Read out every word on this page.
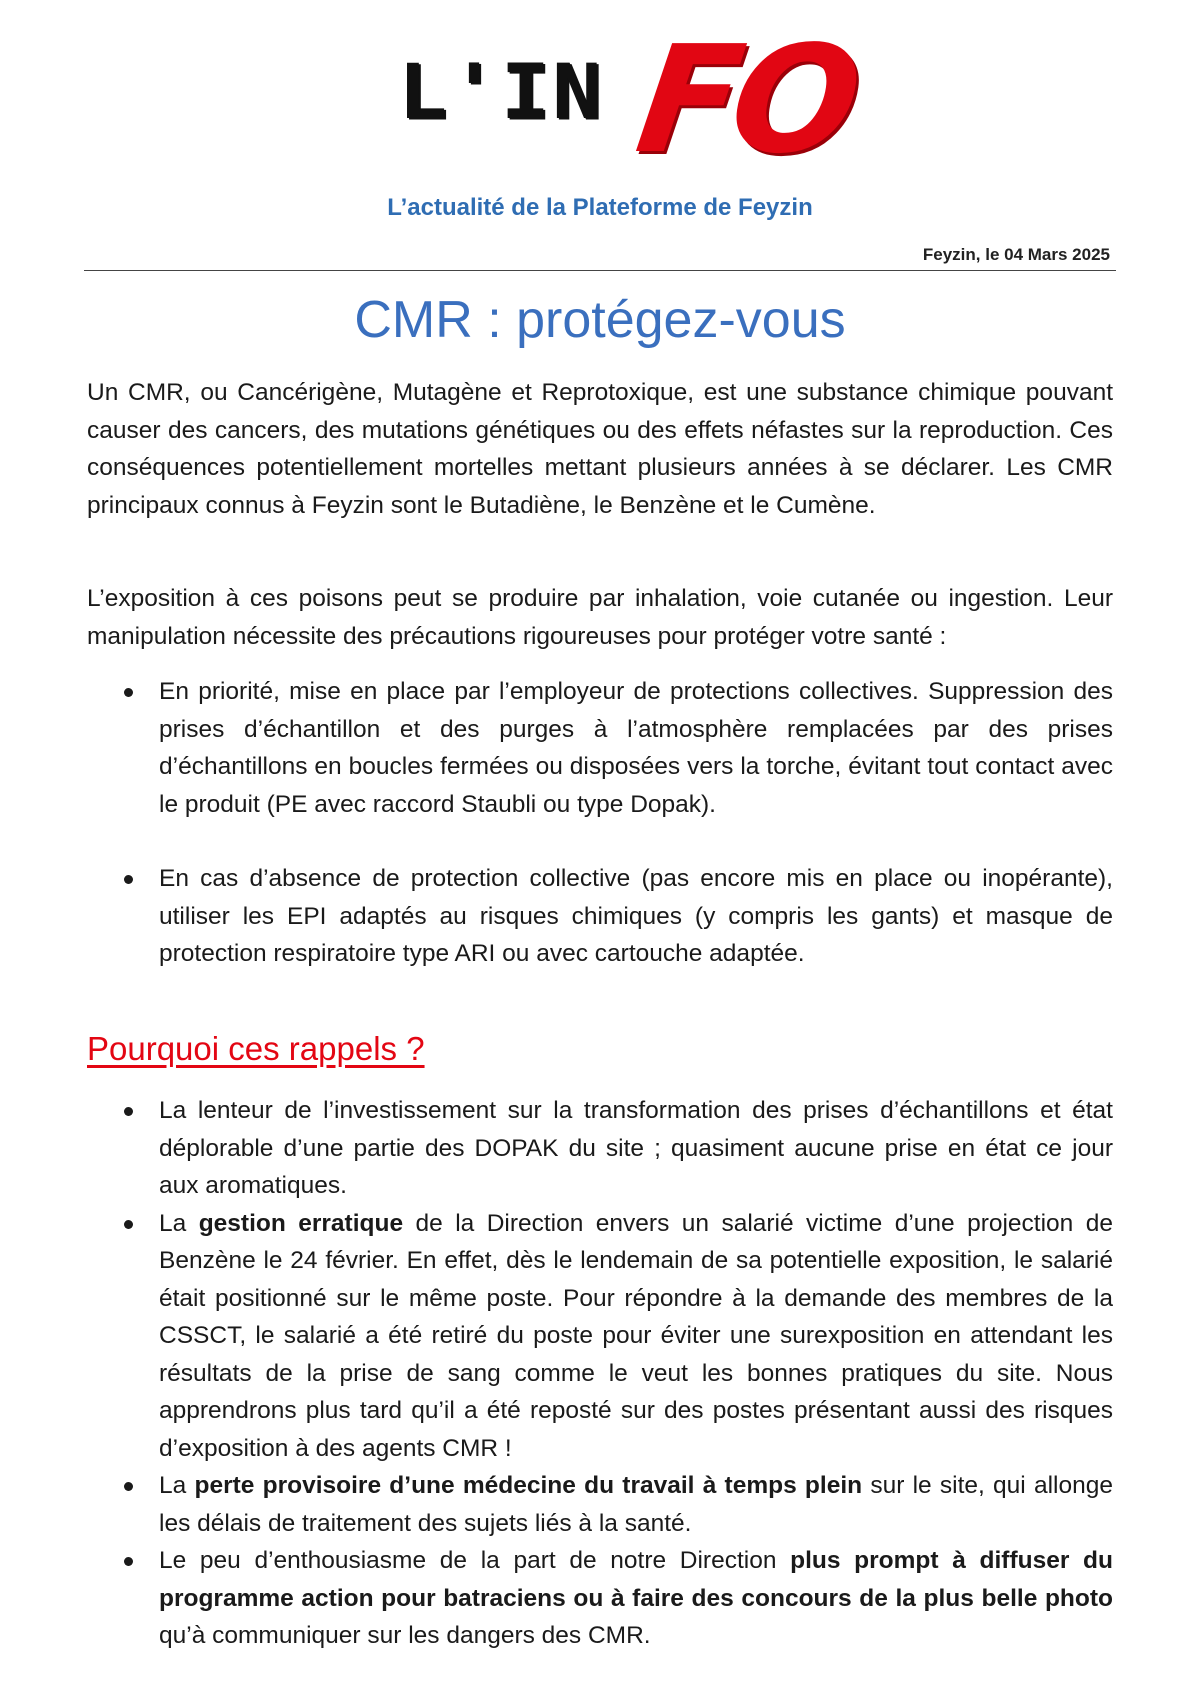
L'IN FO
L’actualité de la Plateforme de Feyzin
Feyzin, le 04 Mars 2025
CMR : protégez-vous

Un CMR, ou Cancérigène, Mutagène et Reprotoxique, est une substance chimique pouvant causer des cancers, des mutations génétiques ou des effets néfastes sur la reproduction. Ces conséquences potentiellement mortelles mettant plusieurs années à se déclarer. Les CMR principaux connus à Feyzin sont le Butadiène, le Benzène et le Cumène.

L’exposition à ces poisons peut se produire par inhalation, voie cutanée ou ingestion. Leur manipulation nécessite des précautions rigoureuses pour protéger votre santé :

En priorité, mise en place par l’employeur de protections collectives. Suppression des prises d’échantillon et des purges à l’atmosphère remplacées par des prises d’échantillons en boucles fermées ou disposées vers la torche, évitant tout contact avec le produit (PE avec raccord Staubli ou type Dopak).
En cas d’absence de protection collective (pas encore mis en place ou inopérante), utiliser les EPI adaptés au risques chimiques (y compris les gants) et masque de protection respiratoire type ARI ou avec cartouche adaptée.
Pourquoi ces rappels ?
La lenteur de l’investissement sur la transformation des prises d’échantillons et état déplorable d’une partie des DOPAK du site ; quasiment aucune prise en état ce jour aux aromatiques.
La gestion erratique de la Direction envers un salarié victime d’une projection de Benzène le 24 février. En effet, dès le lendemain de sa potentielle exposition, le salarié était positionné sur le même poste. Pour répondre à la demande des membres de la CSSCT, le salarié a été retiré du poste pour éviter une surexposition en attendant les résultats de la prise de sang comme le veut les bonnes pratiques du site. Nous apprendrons plus tard qu’il a été reposté sur des postes présentant aussi des risques d’exposition à des agents CMR !
La perte provisoire d’une médecine du travail à temps plein sur le site, qui allonge les délais de traitement des sujets liés à la santé.
Le peu d’enthousiasme de la part de notre Direction plus prompt à diffuser du programme action pour batraciens ou à faire des concours de la plus belle photo qu’à communiquer sur les dangers des CMR.
